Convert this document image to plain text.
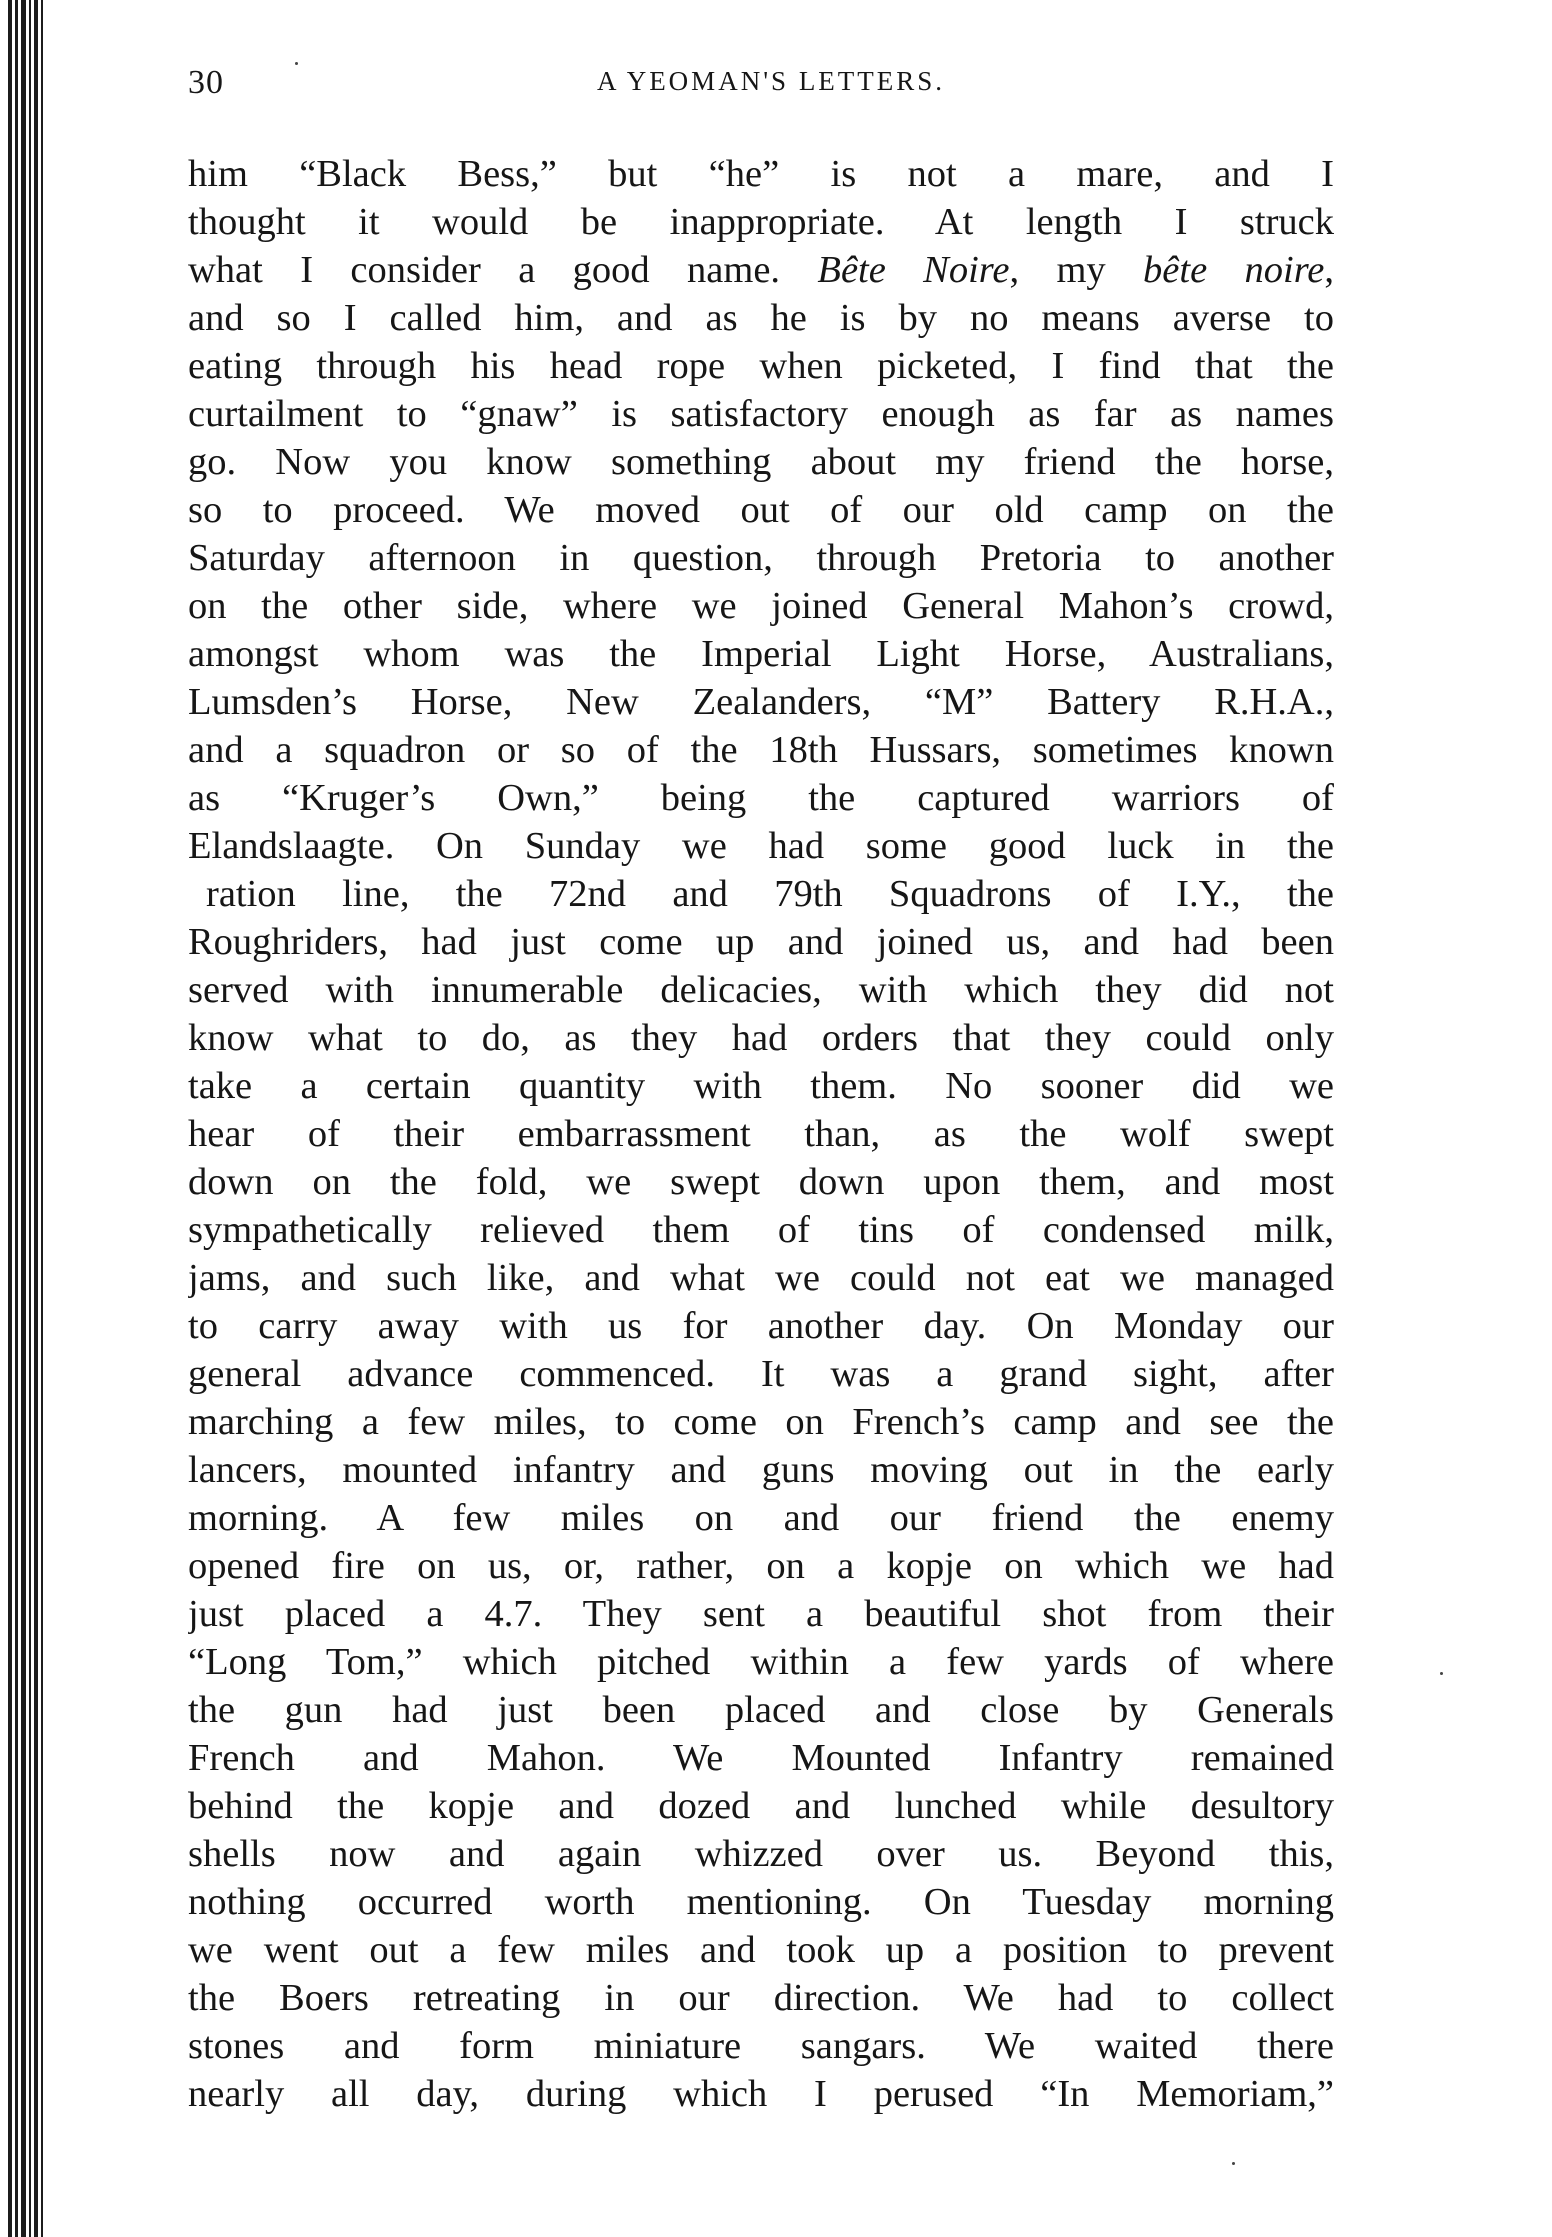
30	A YEOMAN'S LETTERS.
him “Black Bess,” but “he” is not a mare, and I
thought it would be inappropriate. At length I struck
what I consider a good name. Bête Noire, my bête noire,
and so I called him, and as he is by no means averse to
eating through his head rope when picketed, I find that the
curtailment to “gnaw” is satisfactory enough as far as names
go. Now you know something about my friend the horse,
so to proceed. We moved out of our old camp on the
Saturday afternoon in question, through Pretoria to another
on the other side, where we joined General Mahon’s crowd,
amongst whom was the Imperial Light Horse, Australians,
Lumsden’s Horse, New Zealanders, “M” Battery R.H.A.,
and a squadron or so of the 18th Hussars, sometimes known
as “Kruger’s Own,” being the captured warriors of
Elandslaagte. On Sunday we had some good luck in the
ration line, the 72nd and 79th Squadrons of I.Y., the
Roughriders, had just come up and joined us, and had been
served with innumerable delicacies, with which they did not
know what to do, as they had orders that they could only
take a certain quantity with them. No sooner did we
hear of their embarrassment than, as the wolf swept
down on the fold, we swept down upon them, and most
sympathetically relieved them of tins of condensed milk,
jams, and such like, and what we could not eat we managed
to carry away with us for another day. On Monday our
general advance commenced. It was a grand sight, after
marching a few miles, to come on French’s camp and see the
lancers, mounted infantry and guns moving out in the early
morning. A few miles on and our friend the enemy
opened fire on us, or, rather, on a kopje on which we had
just placed a 4.7. They sent a beautiful shot from their
“Long Tom,” which pitched within a few yards of where
the gun had just been placed and close by Generals
French and Mahon. We Mounted Infantry remained
behind the kopje and dozed and lunched while desultory
shells now and again whizzed over us. Beyond this,
nothing occurred worth mentioning. On Tuesday morning
we went out a few miles and took up a position to prevent
the Boers retreating in our direction. We had to collect
stones and form miniature sangars. We waited there
nearly all day, during which I perused “In Memoriam,”
